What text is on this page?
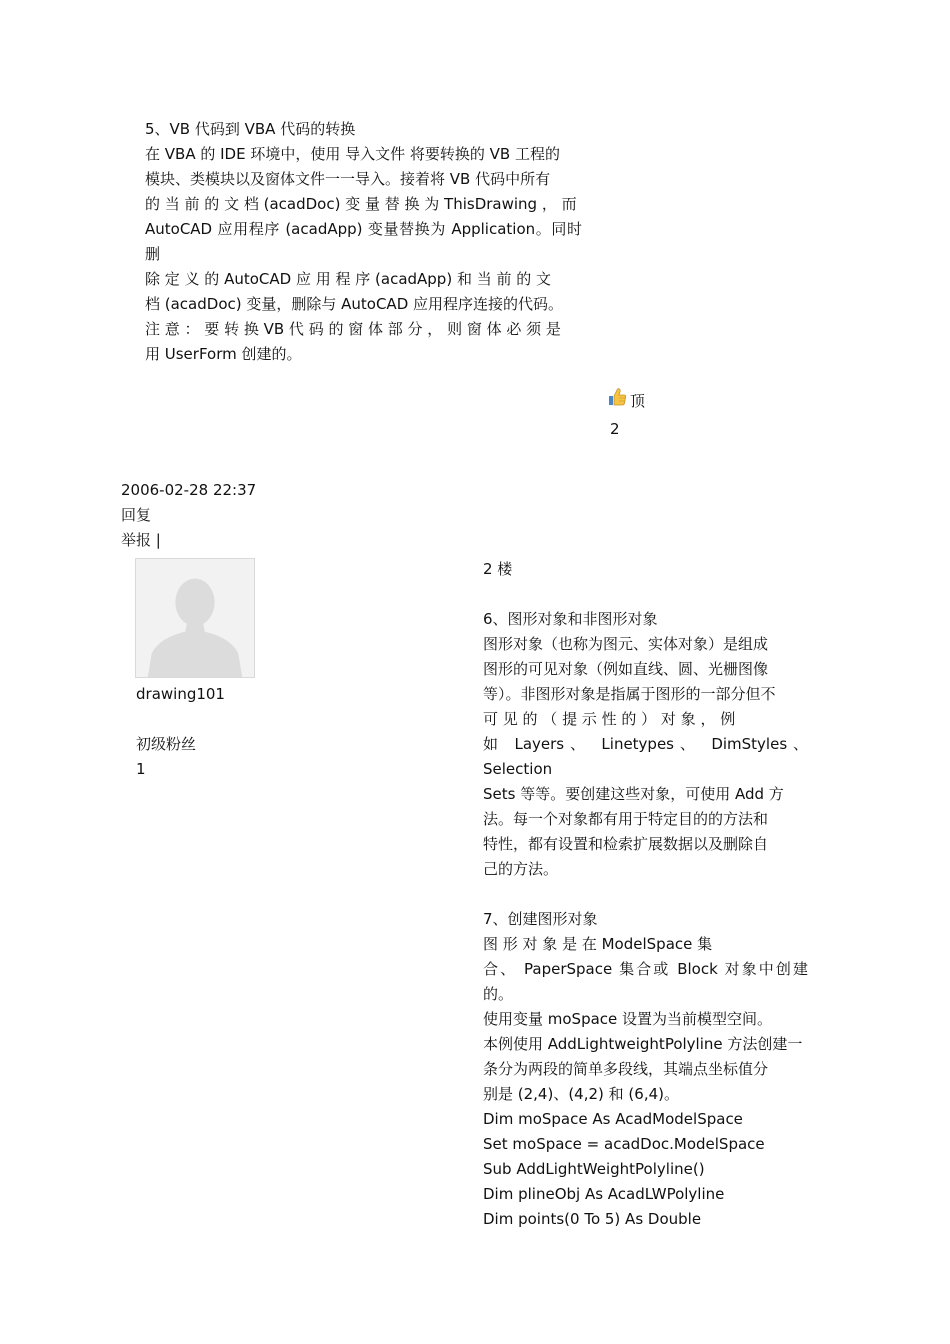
5、VB 代码到 VBA 代码的转换

在 VBA 的 IDE 环境中，使用 导入文件 将要转换的 VB 工程的

模块、类模块以及窗体文件一一导入。接着将 VB 代码中所有

的 当 前 的 文 档 (acadDoc) 变 量 替 换 为 ThisDrawing ， 而

AutoCAD 应用程序 (acadApp) 变量替换为 Application。同时删

除 定 义 的 AutoCAD 应 用 程 序 (acadApp) 和 当 前 的 文

档 (acadDoc) 变量，删除与 AutoCAD 应用程序连接的代码。

注 意 ： 要 转 换 VB 代 码 的 窗 体 部 分 ， 则 窗 体 必 须 是

用 UserForm 创建的。

顶
2
2006-02-28 22:37
回复
举报 |
drawing101
初级粉丝
1

2 楼

6、图形对象和非图形对象

图形对象（也称为图元、实体对象）是组成

图形的可见对象（例如直线、圆、光栅图像

等）。非图形对象是指属于图形的一部分但不

可 见 的 （ 提 示 性 的 ） 对 象 ， 例

如 Layers、 Linetypes、 DimStyles、 Selection

Sets 等等。要创建这些对象，可使用 Add 方

法。每一个对象都有用于特定目的的方法和

特性，都有设置和检索扩展数据以及删除自

己的方法。

7、创建图形对象

图 形 对 象 是 在 ModelSpace 集

合、 PaperSpace 集合或 Block 对象中创建的。

使用变量 moSpace 设置为当前模型空间。

本例使用 AddLightweightPolyline 方法创建一

条分为两段的简单多段线，其端点坐标值分

别是 (2,4)、(4,2) 和 (6,4)。

Dim moSpace As AcadModelSpace

Set moSpace = acadDoc.ModelSpace

Sub AddLightWeightPolyline()

Dim plineObj As AcadLWPolyline

Dim points(0 To 5) As Double
